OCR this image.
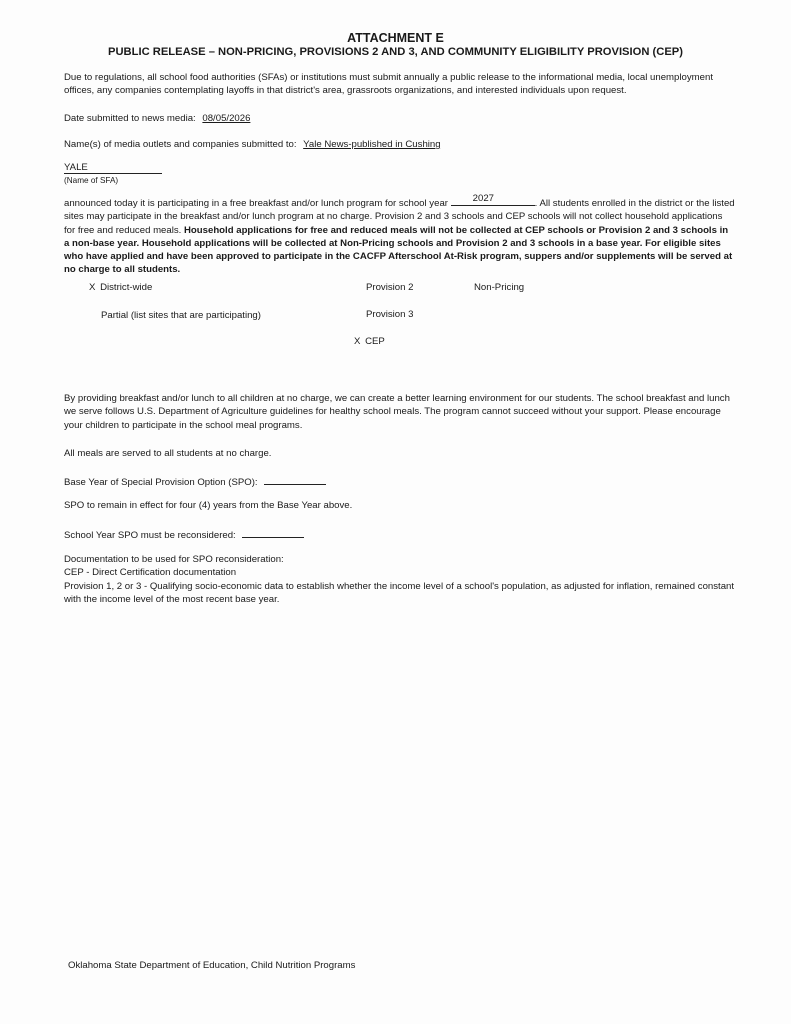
ATTACHMENT E
PUBLIC RELEASE – NON-PRICING, PROVISIONS 2 AND 3, AND COMMUNITY ELIGIBILITY PROVISION (CEP)
Due to regulations, all school food authorities (SFAs) or institutions must submit annually a public release to the informational media, local unemployment offices, any companies contemplating layoffs in that district's area, grassroots organizations, and interested individuals upon request.
Date submitted to news media: 08/05/2026
Name(s) of media outlets and companies submitted to: Yale News-published in Cushing
YALE
(Name of SFA)
announced today it is participating in a free breakfast and/or lunch program for school year	2027	. All students enrolled in the district or the listed sites may participate in the breakfast and/or lunch program at no charge. Provision 2 and 3 schools and CEP schools will not collect household applications for free and reduced meals. Household applications for free and reduced meals will not be collected at CEP schools or Provision 2 and 3 schools in a non-base year. Household applications will be collected at Non-Pricing schools and Provision 2 and 3 schools in a base year. For eligible sites who have applied and have been approved to participate in the CACFP Afterschool At-Risk program, suppers and/or supplements will be served at no charge to all students.
X District-wide	Provision 2	Non-Pricing
Partial (list sites that are participating)	Provision 3
X CEP
By providing breakfast and/or lunch to all children at no charge, we can create a better learning environment for our students. The school breakfast and lunch we serve follows U.S. Department of Agriculture guidelines for healthy school meals. The program cannot succeed without your support. Please encourage your children to participate in the school meal programs.
All meals are served to all students at no charge.
Base Year of Special Provision Option (SPO):
SPO to remain in effect for four (4) years from the Base Year above.
School Year SPO must be reconsidered:
Documentation to be used for SPO reconsideration:
CEP - Direct Certification documentation
Provision 1, 2 or 3 - Qualifying socio-economic data to establish whether the income level of a school's population, as adjusted for inflation, remained constant with the income level of the most recent base year.
Oklahoma State Department of Education, Child Nutrition Programs
